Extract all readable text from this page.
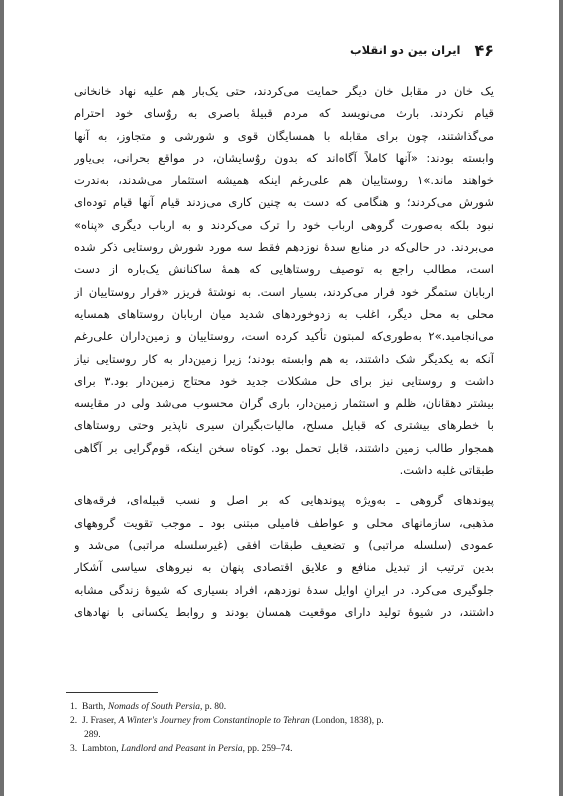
۴۶
ایران بین دو انقلاب
یک خان در مقابل خان دیگر حمایت می‌کردند، حتی یک‌بار هم علیه نهاد خانخانی
قیام نکردند. بارث می‌نویسد که مردم قبیلهٔ باصری به روٌسای خود احترام
می‌گذاشتند، چون برای مقابله با همسایگان قوی و شورشی و متجاوز، به آنها
وابسته بودند: «آنها کاملاً آگاه‌اند که بدون روٌسایشان، در مواقع بحرانی، بی‌یاور
خواهند ماند.»۱ روستاییان هم علی‌رغم اینکه همیشه استثمار می‌شدند، به‌ندرت
شورش می‌کردند؛ و هنگامی که دست به چنین کاری می‌زدند قیام آنها قیام توده‌ای
نبود بلکه به‌صورت گروهی ارباب خود را ترک می‌کردند و به ارباب دیگری «پناه»
می‌بردند. در حالی‌که در منابع سدهٔ نوزدهم فقط سه مورد شورش روستایی ذکر شده
است، مطالب راجع به توصیف روستاهایی که همهٔ ساکنانش یک‌باره از دست
اربابان ستمگر خود فرار می‌کردند، بسیار است. به نوشتهٔ فریزر «فرار روستاییان از
محلی به محل دیگر، اغلب به زدوخوردهای شدید میان اربابان روستاهای همسایه
می‌انجامید.»۲ به‌طوری‌که لمبتون تأکید کرده است، روستاییان و زمین‌داران علی‌رغم
آنکه به یکدیگر شک داشتند، به هم وابسته بودند؛ زیرا زمین‌دار به کار روستایی نیاز
داشت و روستایی نیز برای حل مشکلات جدید خود محتاج زمین‌دار بود.۳ برای
بیشتر دهقانان، ظلم و استثمار زمین‌دار، باری گران محسوب می‌شد ولی در مقایسه
با خطرهای بیشتری که قبایل مسلح، مالیات‌بگیران سیری ناپذیر وحتی روستاهای
همجوار طالب زمین داشتند، قابل تحمل بود. کوتاه سخن اینکه، قوم‌گرایی بر آگاهی
طبقاتی غلبه داشت.
پیوندهای گروهی ـ به‌ویژه پیوندهایی که بر اصل و نسب قبیله‌ای، فرقه‌های
مذهبی، سازمانهای محلی و عواطف فامیلی مبتنی بود ـ موجب تقویت گروههای
عمودی (سلسله مراتبی) و تضعیف طبقات افقی (غیرسلسله مراتبی) می‌شد و
بدین ترتیب از تبدیل منافع و علایق اقتصادی پنهان به نیروهای سیاسی آشکار
جلوگیری می‌کرد. در ایرانِ اوایل سدهٔ نوزدهم، افراد بسیاری که شیوهٔ زندگی مشابه
داشتند، در شیوهٔ تولید دارای موقعیت همسان بودند و روابط یکسانی با نهادهای
1. Barth, Nomads of South Persia, p. 80.
2. J. Fraser, A Winter's Journey from Constantinople to Tehran (London, 1838), p.
289.
3. Lambton, Landlord and Peasant in Persia, pp. 259–74.
